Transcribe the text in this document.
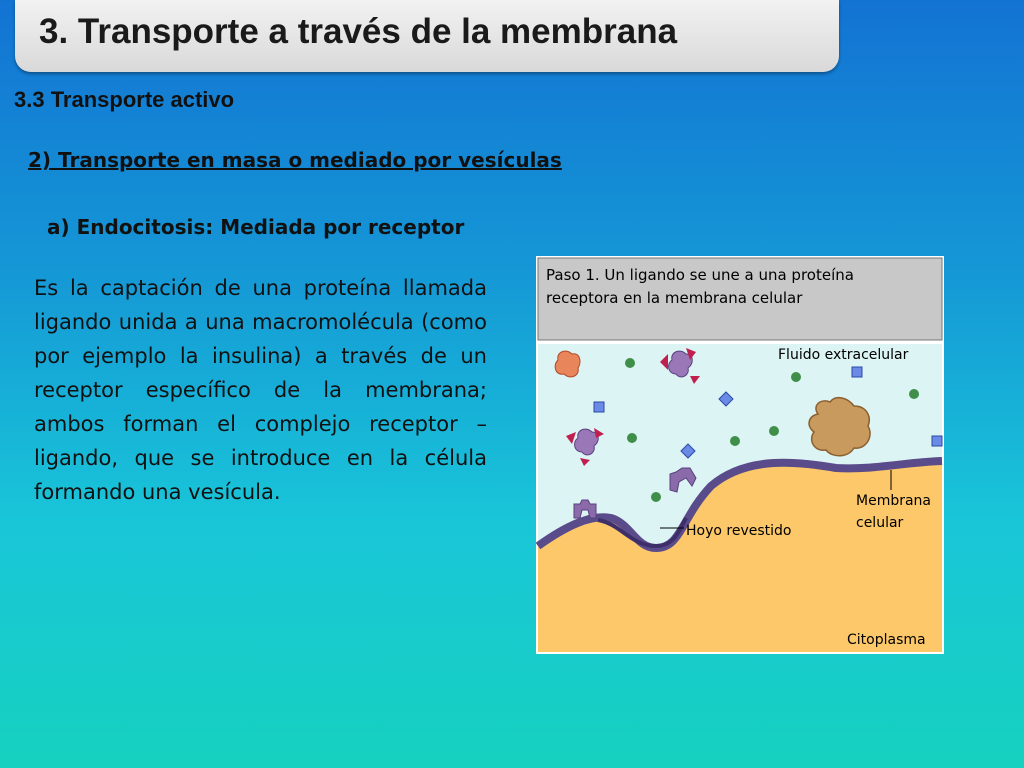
3. Transporte a través de la membrana
3.3 Transporte activo
2) Transporte en masa o mediado por vesículas
a) Endocitosis: Mediada por receptor
Es la captación de una proteína llamada ligando unida a una macromolécula (como por ejemplo la insulina) a través de un receptor específico de la membrana; ambos forman el complejo receptor – ligando, que se introduce en la célula formando una vesícula.
Paso 1. Un ligando se une a una proteína
receptora en la membrana celular
Fluido extracelular
Membrana
celular
Hoyo revestido
Citoplasma
